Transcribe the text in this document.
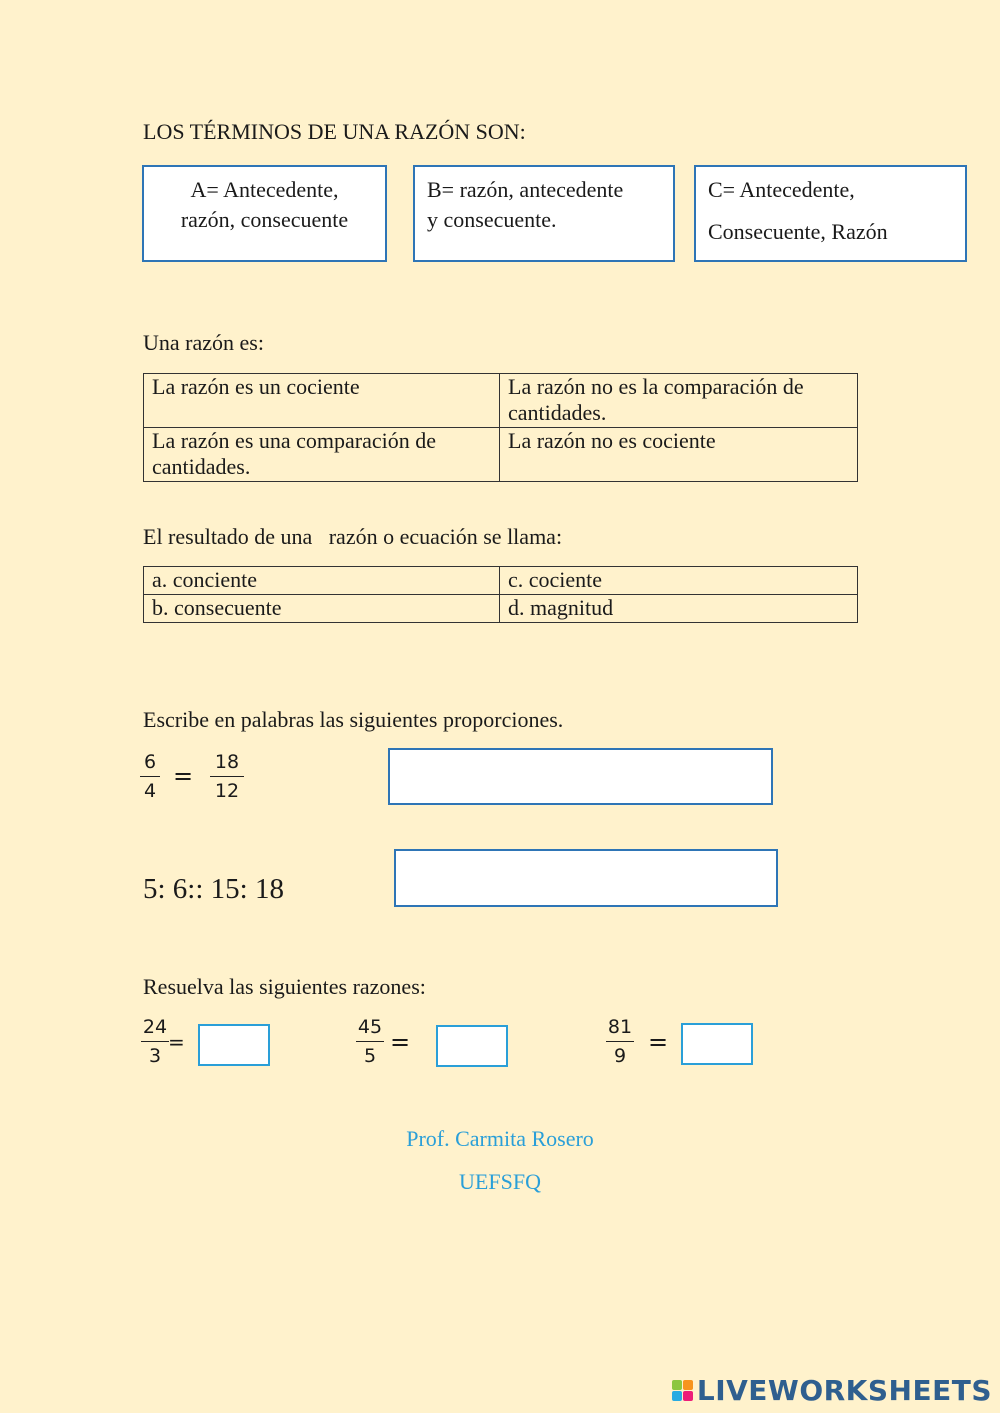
LOS TÉRMINOS DE UNA RAZÓN SON:
A= Antecedente,
razón, consecuente
B= razón, antecedente
y consecuente.
C= Antecedente,
Consecuente, Razón
Una razón es:
La razón es un cociente	La razón no es la comparación de cantidades.
La razón es una comparación de cantidades.	La razón no es cociente
El resultado de una   razón o ecuación se llama:
a. conciente	c. cociente
b. consecuente	d. magnitud
Escribe en palabras las siguientes proporciones.
6
4
= 18
12
5: 6:: 15: 18
Resuelva las siguientes razones:
24
3
=
45
5 =
81
9 =
Prof. Carmita Rosero
UEFSFQ
LIVEWORKSHEETS
